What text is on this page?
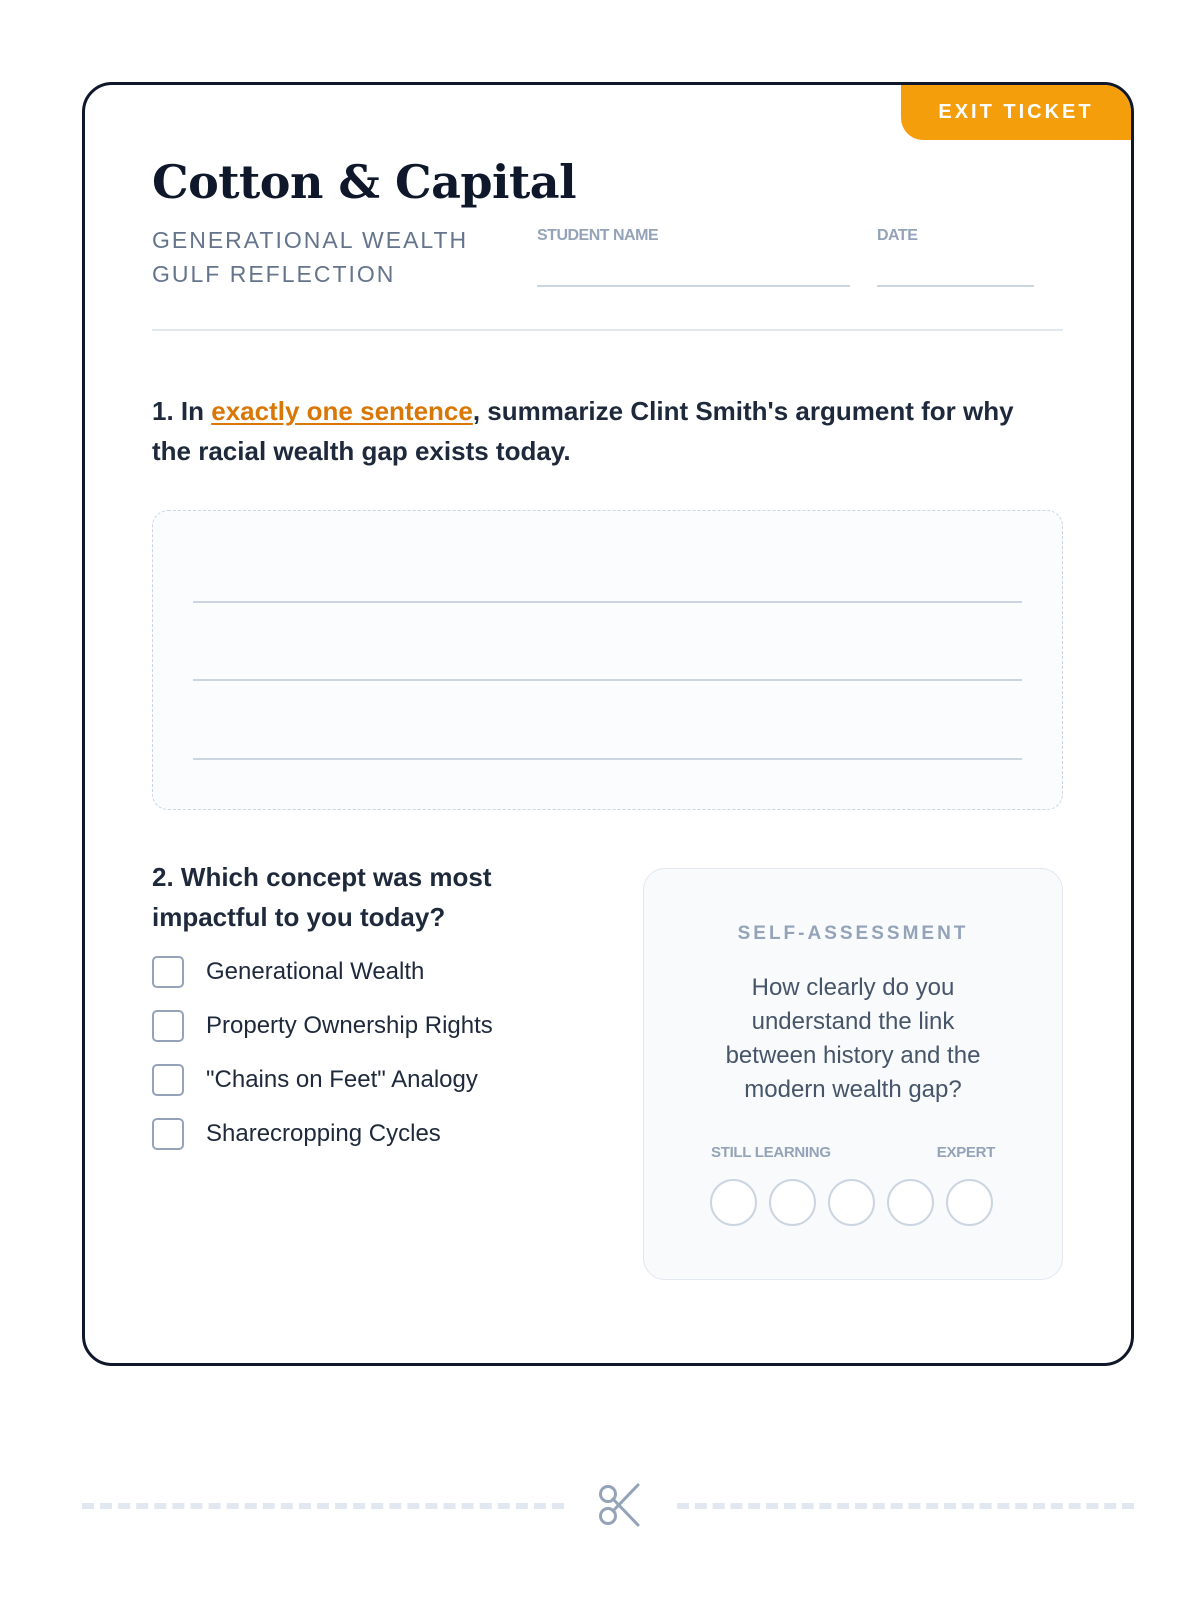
EXIT TICKET
Cotton & Capital
GENERATIONAL WEALTH GULF REFLECTION
STUDENT NAME	DATE

1. In exactly one sentence, summarize Clint Smith's argument for why the racial wealth gap exists today.

2. Which concept was most impactful to you today?

Generational Wealth
Property Ownership Rights
"Chains on Feet" Analogy
Sharecropping Cycles
SELF-ASSESSMENT

How clearly do you understand the link between history and the modern wealth gap?

STILL LEARNING	EXPERT
